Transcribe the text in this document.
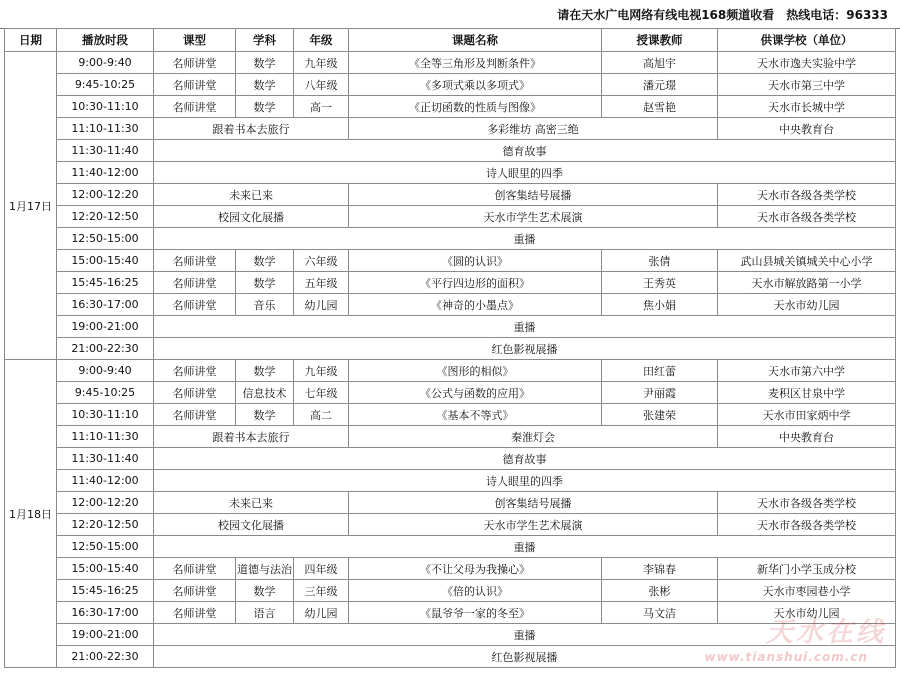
请在天水广电网络有线电视168频道收看　热线电话：96333
日期	播放时段	课型	学科	年级	课题名称	授课教师	供课学校（单位）
1月17日	9:00-9:40	名师讲堂	数学	九年级	《全等三角形及判断条件》	高旭宇	天水市逸夫实验中学
	9:45-10:25	名师讲堂	数学	八年级	《多项式乘以多项式》	潘元璟	天水市第三中学
	10:30-11:10	名师讲堂	数学	高一	《正切函数的性质与图像》	赵雪艳	天水市长城中学
	11:10-11:30	跟着书本去旅行			多彩维坊 高密三绝		中央教育台
	11:30-11:40	德育故事					
	11:40-12:00	诗人眼里的四季					
	12:00-12:20	未来已来			创客集结号展播		天水市各级各类学校
	12:20-12:50	校园文化展播			天水市学生艺术展演		天水市各级各类学校
	12:50-15:00	重播					
	15:00-15:40	名师讲堂	数学	六年级	《圆的认识》	张倩	武山县城关镇城关中心小学
	15:45-16:25	名师讲堂	数学	五年级	《平行四边形的面积》	王秀英	天水市解放路第一小学
	16:30-17:00	名师讲堂	音乐	幼儿园	《神奇的小墨点》	焦小娟	天水市幼儿园
	19:00-21:00	重播					
	21:00-22:30	红色影视展播					
1月18日	9:00-9:40	名师讲堂	数学	九年级	《图形的相似》	田红蕾	天水市第六中学
	9:45-10:25	名师讲堂	信息技术	七年级	《公式与函数的应用》	尹丽霞	麦积区甘泉中学
	10:30-11:10	名师讲堂	数学	高二	《基本不等式》	张建荣	天水市田家炳中学
	11:10-11:30	跟着书本去旅行			秦淮灯会		中央教育台
	11:30-11:40	德育故事					
	11:40-12:00	诗人眼里的四季					
	12:00-12:20	未来已来			创客集结号展播		天水市各级各类学校
	12:20-12:50	校园文化展播			天水市学生艺术展演		天水市各级各类学校
	12:50-15:00	重播					
	15:00-15:40	名师讲堂	道德与法治	四年级	《不让父母为我操心》	李锦春	新华门小学玉成分校
	15:45-16:25	名师讲堂	数学	三年级	《倍的认识》	张彬	天水市枣园巷小学
	16:30-17:00	名师讲堂	语言	幼儿园	《鼠爷爷一家的冬至》	马文洁	天水市幼儿园
	19:00-21:00	重播					
	21:00-22:30	红色影视展播					
天水在线
www.tianshui.com.cn
